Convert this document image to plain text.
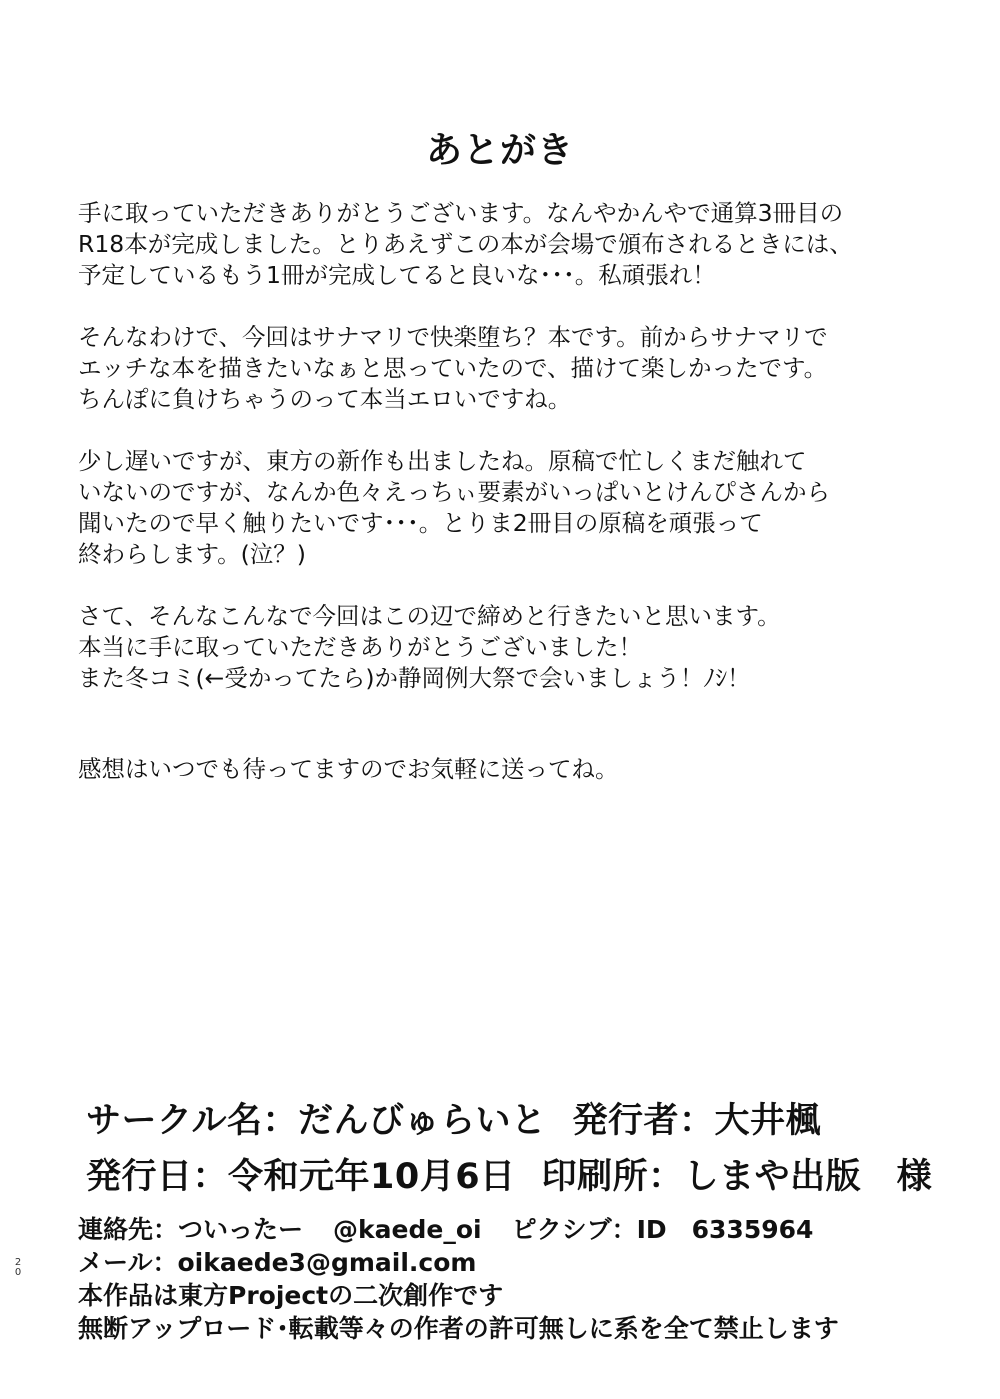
あとがき
手に取っていただきありがとうございます。なんやかんやで通算3冊目の
R18本が完成しました。とりあえずこの本が会場で頒布されるときには、
予定しているもう1冊が完成してると良いな･･･。私頑張れ！
そんなわけで、今回はサナマリで快楽堕ち？本です。前からサナマリで
エッチな本を描きたいなぁと思っていたので、描けて楽しかったです。
ちんぽに負けちゃうのって本当エロいですね。
少し遅いですが、東方の新作も出ましたね。原稿で忙しくまだ触れて
いないのですが、なんか色々えっちぃ要素がいっぱいとけんぴさんから
聞いたので早く触りたいです･･･。とりま2冊目の原稿を頑張って
終わらします。(泣？)
さて、そんなこんなで今回はこの辺で締めと行きたいと思います。
本当に手に取っていただきありがとうございました！
また冬コミ(←受かってたら)か静岡例大祭で会いましょう！ﾉｼ！
感想はいつでも待ってますのでお気軽に送ってね。
サークル名：だんびゅらいと 発行者：大井楓
発行日：令和元年10月6日 印刷所：しまや出版　様
連絡先：ついったー @kaede_oi ピクシブ：ID　6335964
メール：oikaede3@gmail.com
本作品は東方Projectの二次創作です
無断アップロード･転載等々の作者の許可無しに系を全て禁止します
20
